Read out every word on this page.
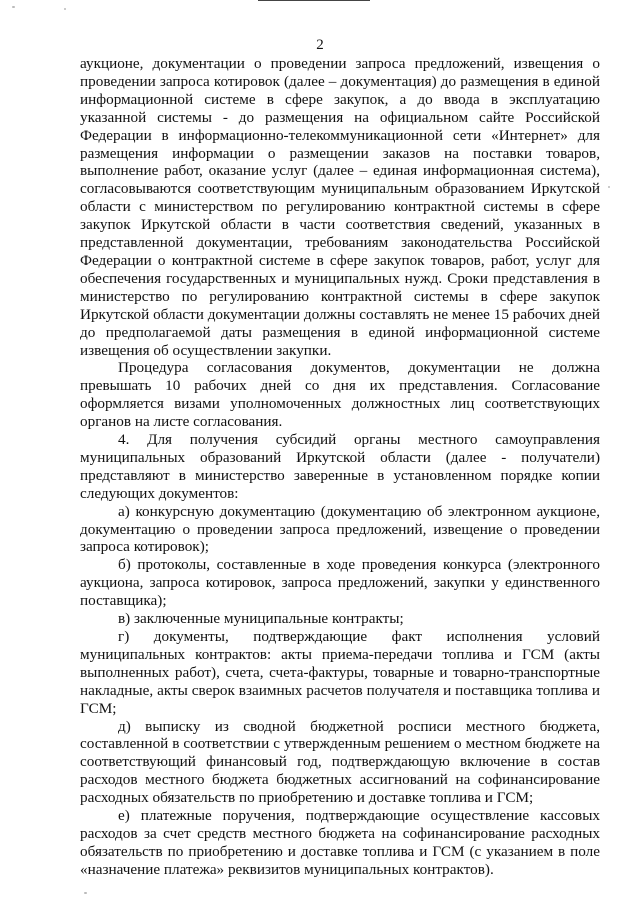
2

аукционе, документации о проведении запроса предложений, извещения о проведении запроса котировок (далее – документация) до размещения в единой информационной системе в сфере закупок, а до ввода в эксплуатацию указанной системы - до размещения на официальном сайте Российской Федерации в информационно-телекоммуникационной сети «Интернет» для размещения информации о размещении заказов на поставки товаров, выполнение работ, оказание услуг (далее – единая информационная система), согласовываются соответствующим муниципальным образованием Иркутской области с министерством по регулированию контрактной системы в сфере закупок Иркутской области в части соответствия сведений, указанных в представленной документации, требованиям законодательства Российской Федерации о контрактной системе в сфере закупок товаров, работ, услуг для обеспечения государственных и муниципальных нужд. Сроки представления в министерство по регулированию контрактной системы в сфере закупок Иркутской области документации должны составлять не менее 15 рабочих дней до предполагаемой даты размещения в единой информационной системе извещения об осуществлении закупки.

Процедура согласования документов, документации не должна превышать 10 рабочих дней со дня их представления. Согласование оформляется визами уполномоченных должностных лиц соответствующих органов на листе согласования.

4. Для получения субсидий органы местного самоуправления муниципальных образований Иркутской области (далее - получатели) представляют в министерство заверенные в установленном порядке копии следующих документов:

а) конкурсную документацию (документацию об электронном аукционе, документацию о проведении запроса предложений, извещение о проведении запроса котировок);

б) протоколы, составленные в ходе проведения конкурса (электронного аукциона, запроса котировок, запроса предложений, закупки у единственного поставщика);

в) заключенные муниципальные контракты;

г) документы, подтверждающие факт исполнения условий муниципальных контрактов: акты приема-передачи топлива и ГСМ (акты выполненных работ), счета, счета-фактуры, товарные и товарно-транспортные накладные, акты сверок взаимных расчетов получателя и поставщика топлива и ГСМ;

д) выписку из сводной бюджетной росписи местного бюджета, составленной в соответствии с утвержденным решением о местном бюджете на соответствующий финансовый год, подтверждающую включение в состав расходов местного бюджета бюджетных ассигнований на софинансирование расходных обязательств по приобретению и доставке топлива и ГСМ;

е) платежные поручения, подтверждающие осуществление кассовых расходов за счет средств местного бюджета на софинансирование расходных обязательств по приобретению и доставке топлива и ГСМ (с указанием в поле «назначение платежа» реквизитов муниципальных контрактов).
